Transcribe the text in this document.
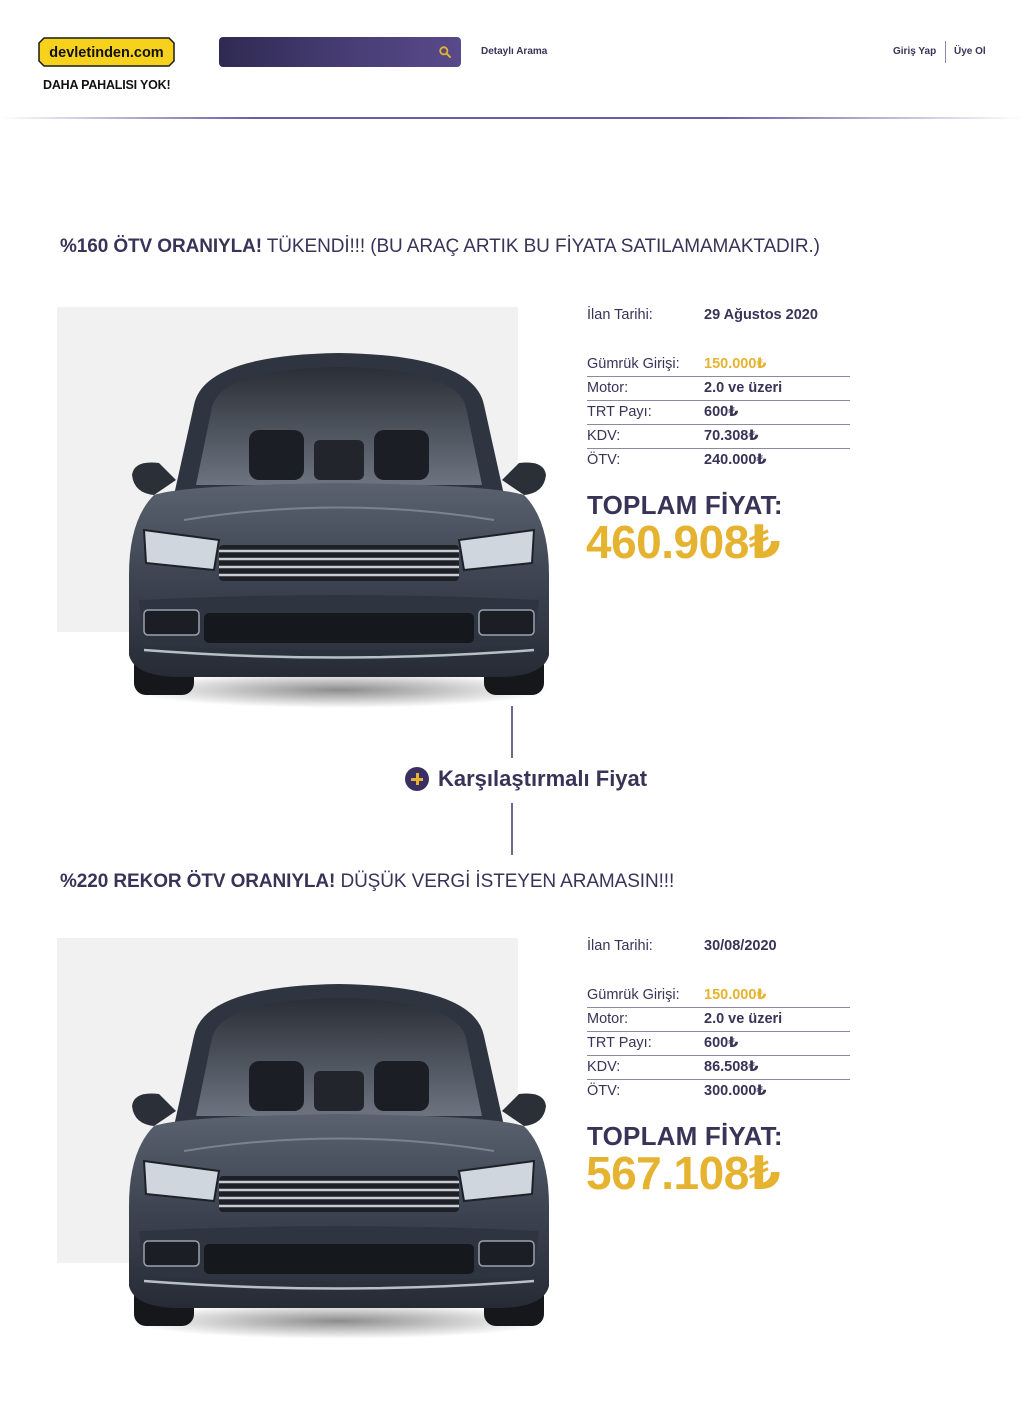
devletinden.com
DAHA PAHALISI YOK!
Detaylı Arama	Giriş Yap Üye Ol
%160 ÖTV ORANIYLA! TÜKENDİ!!! (BU ARAÇ ARTIK BU FİYATA SATILAMAMAKTADIR.)
İlan Tarihi:	29 Ağustos 2020
Gümrük Girişi: 150.000₺
Motor:	2.0 ve üzeri
TRT Payı:	600₺
KDV:	70.308₺
ÖTV:	240.000₺
TOPLAM FİYAT:
460.908₺
Karşılaştırmalı Fiyat
%220 REKOR ÖTV ORANIYLA! DÜŞÜK VERGİ İSTEYEN ARAMASIN!!!
İlan Tarihi:	30/08/2020
Gümrük Girişi: 150.000₺
Motor:	2.0 ve üzeri
TRT Payı:	600₺
KDV:	86.508₺
ÖTV:	300.000₺
TOPLAM FİYAT:
567.108₺
